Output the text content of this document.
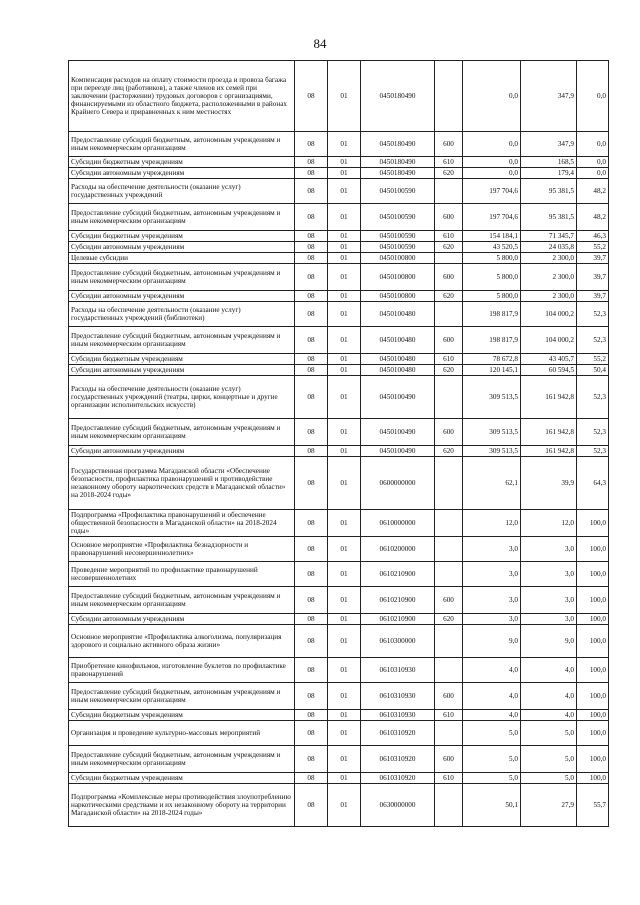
84
Компенсация расходов на оплату стоимости проезда и провоза багажа при переезде лиц (работников), а также членов их семей при заключении (расторжении) трудовых договоров с организациями, финансируемыми из областного бюджета, расположенными в районах Крайнего Севера и приравненных к ним местностях	08	01	0450180490		0,0	347,9	0,0
Предоставление субсидий бюджетным, автономным учреждениям и иным некоммерческим организациям	08	01	0450180490	600	0,0	347,9	0,0
Субсидии бюджетным учреждениям	08	01	0450180490	610	0,0	168,5	0,0
Субсидии автономным учреждениям	08	01	0450180490	620	0,0	179,4	0,0
Расходы на обеспечение деятельности (оказание услуг) государственных учреждений	08	01	0450100590		197 704,6	95 381,5	48,2
Предоставление субсидий бюджетным, автономным учреждениям и иным некоммерческим организациям	08	01	0450100590	600	197 704,6	95 381,5	48,2
Субсидии бюджетным учреждениям	08	01	0450100590	610	154 184,1	71 345,7	46,3
Субсидии автономным учреждениям	08	01	0450100590	620	43 520,5	24 035,8	55,2
Целевые субсидии	08	01	0450100800		5 800,0	2 300,0	39,7
Предоставление субсидий бюджетным, автономным учреждениям и иным некоммерческим организациям	08	01	0450100800	600	5 800,0	2 300,0	39,7
Субсидии автономным учреждениям	08	01	0450100800	620	5 800,0	2 300,0	39,7
Расходы на обеспечение деятельности (оказание услуг) государственных учреждений (библиотеки)	08	01	0450100480		198 817,9	104 000,2	52,3
Предоставление субсидий бюджетным, автономным учреждениям и иным некоммерческим организациям	08	01	0450100480	600	198 817,9	104 000,2	52,3
Субсидии бюджетным учреждениям	08	01	0450100480	610	78 672,8	43 405,7	55,2
Субсидии автономным учреждениям	08	01	0450100480	620	120 145,1	60 594,5	50,4
Расходы на обеспечение деятельности (оказание услуг) государственных учреждений (театры, цирки, концертные и другие организации исполнительских искусств)	08	01	0450100490		309 513,5	161 942,8	52,3
Предоставление субсидий бюджетным, автономным учреждениям и иным некоммерческим организациям	08	01	0450100490	600	309 513,5	161 942,8	52,3
Субсидии автономным учреждениям	08	01	0450100490	620	309 513,5	161 942,8	52,3
Государственная программа Магаданской области «Обеспечение безопасности, профилактика правонарушений и противодействие незаконному обороту наркотических средств в Магаданской области» на 2018-2024 годы»	08	01	0600000000		62,1	39,9	64,3
Подпрограмма «Профилактика правонарушений и обеспечение общественной безопасности в Магаданской области» на 2018-2024 годы»	08	01	0610000000		12,0	12,0	100,0
Основное мероприятие «Профилактика безнадзорности и правонарушений несовершеннолетних»	08	01	0610200000		3,0	3,0	100,0
Проведение мероприятий по профилактике правонарушений несовершеннолетних	08	01	0610210900		3,0	3,0	100,0
Предоставление субсидий бюджетным, автономным учреждениям и иным некоммерческим организациям	08	01	0610210900	600	3,0	3,0	100,0
Субсидии автономным учреждениям	08	01	0610210900	620	3,0	3,0	100,0
Основное мероприятие «Профилактика алкоголизма, популяризация здорового и социально активного образа жизни»	08	01	0610300000		9,0	9,0	100,0
Приобретение кинофильмов, изготовление буклетов по профилактике правонарушений	08	01	0610310930		4,0	4,0	100,0
Предоставление субсидий бюджетным, автономным учреждениям и иным некоммерческим организациям	08	01	0610310930	600	4,0	4,0	100,0
Субсидии бюджетным учреждениям	08	01	0610310930	610	4,0	4,0	100,0
Организация и проведение культурно-массовых мероприятий	08	01	0610310920		5,0	5,0	100,0
Предоставление субсидий бюджетным, автономным учреждениям и иным некоммерческим организациям	08	01	0610310920	600	5,0	5,0	100,0
Субсидии бюджетным учреждениям	08	01	0610310920	610	5,0	5,0	100,0
Подпрограмма «Комплексные меры противодействия злоупотреблению наркотическими средствами и их незаконному обороту на территории Магаданской области» на 2018-2024 годы»	08	01	0630000000		50,1	27,9	55,7
